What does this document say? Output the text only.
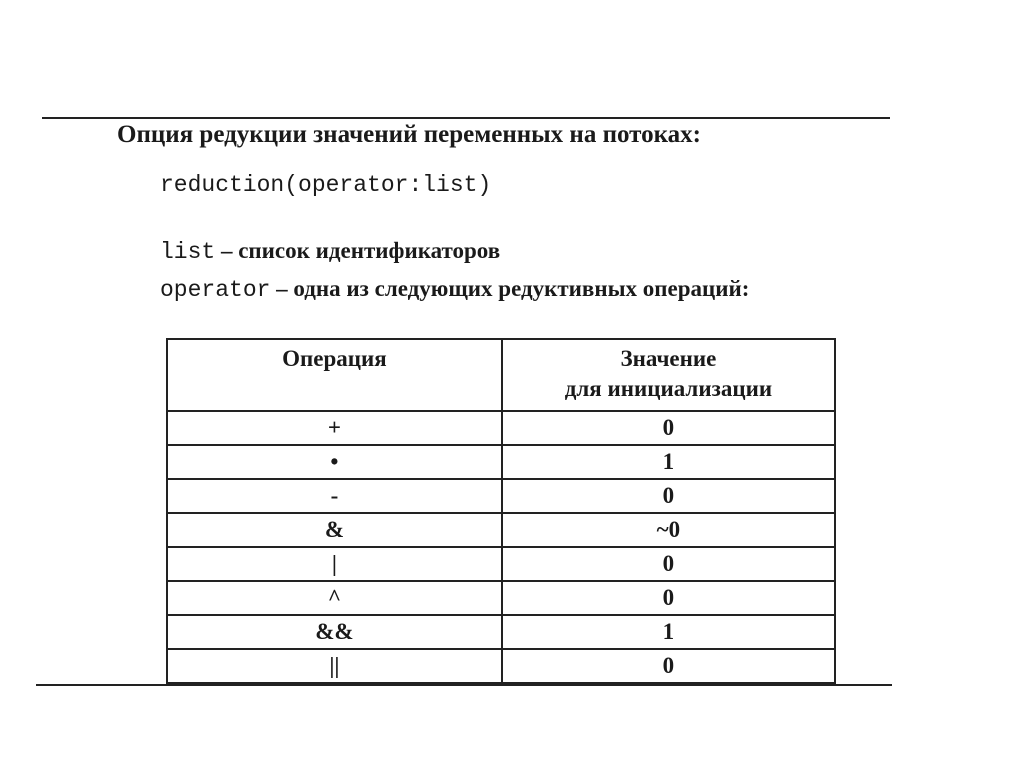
Опция редукции значений переменных на потоках:
reduction(operator:list)
list – список идентификаторов
operator – одна из следующих редуктивных операций:
Операция	Значение
для инициализации
+	0
•	1
-	0
&	~0
|	0
^	0
&&	1
||	0
